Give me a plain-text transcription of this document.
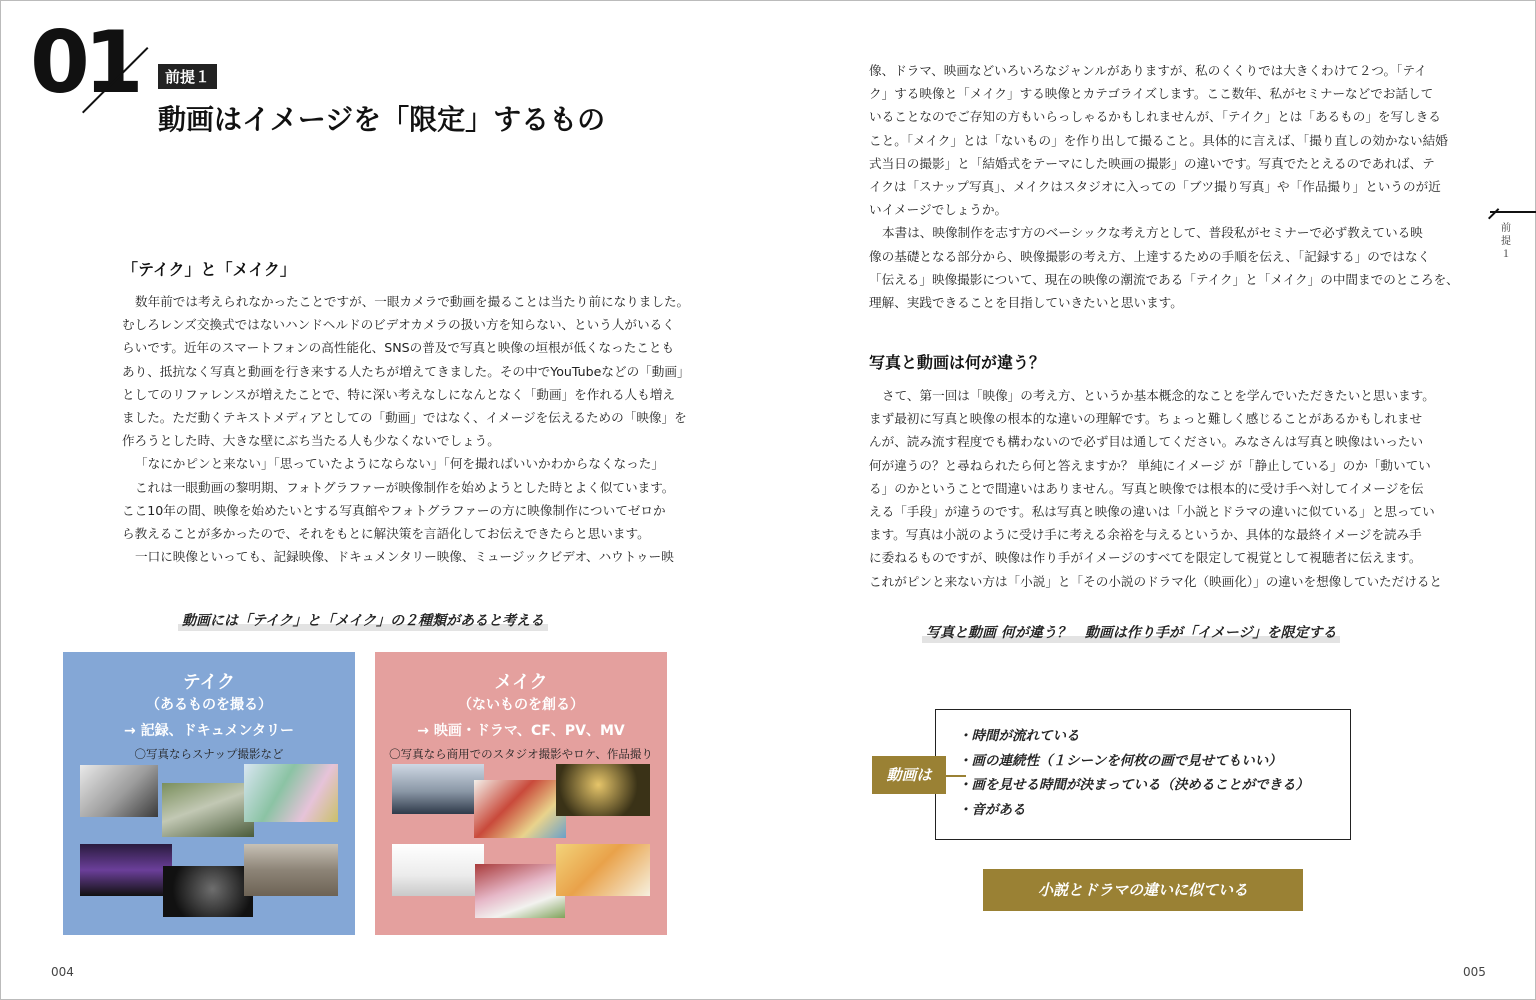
01	前提１
動画はイメージを「限定」するもの
「テイク」と「メイク」

数年前では考えられなかったことですが、一眼カメラで動画を撮ることは当たり前になりました。

むしろレンズ交換式ではないハンドヘルドのビデオカメラの扱い方を知らない、という人がいるく

らいです。近年のスマートフォンの高性能化、SNSの普及で写真と映像の垣根が低くなったことも

あり、抵抗なく写真と動画を行き来する人たちが増えてきました。その中でYouTubeなどの「動画」

としてのリファレンスが増えたことで、特に深い考えなしになんとなく「動画」を作れる人も増え

ました。ただ動くテキストメディアとしての「動画」ではなく、イメージを伝えるための「映像」を

作ろうとした時、大きな壁にぶち当たる人も少なくないでしょう。

「なにかピンと来ない」「思っていたようにならない」「何を撮ればいいかわからなくなった」

これは一眼動画の黎明期、フォトグラファーが映像制作を始めようとした時とよく似ています。

ここ10年の間、映像を始めたいとする写真館やフォトグラファーの方に映像制作についてゼロか

ら教えることが多かったので、それをもとに解決策を言語化してお伝えできたらと思います。

一口に映像といっても、記録映像、ドキュメンタリー映像、ミュージックビデオ、ハウトゥー映

動画には「テイク」と「メイク」の２種類があると考える
テイク
（あるものを撮る）
→ 記録、ドキュメンタリー
〇写真ならスナップ撮影など
メイク
（ないものを創る）
→ 映画・ドラマ、CF、PV、MV
〇写真なら商用でのスタジオ撮影やロケ、作品撮り
004

像、ドラマ、映画などいろいろなジャンルがありますが、私のくくりでは大きくわけて２つ。「テイ

ク」する映像と「メイク」する映像とカテゴライズします。ここ数年、私がセミナーなどでお話して

いることなのでご存知の方もいらっしゃるかもしれませんが、「テイク」とは「あるもの」を写しきる

こと。「メイク」とは「ないもの」を作り出して撮ること。具体的に言えば、「撮り直しの効かない結婚

式当日の撮影」と「結婚式をテーマにした映画の撮影」の違いです。写真でたとえるのであれば、テ

イクは「スナップ写真」、メイクはスタジオに入っての「ブツ撮り写真」や「作品撮り」というのが近

いイメージでしょうか。

本書は、映像制作を志す方のベーシックな考え方として、普段私がセミナーで必ず教えている映

像の基礎となる部分から、映像撮影の考え方、上達するための手順を伝え、「記録する」のではなく

「伝える」映像撮影について、現在の映像の潮流である「テイク」と「メイク」の中間までのところを、

理解、実践できることを目指していきたいと思います。

写真と動画は何が違う？

さて、第一回は「映像」の考え方、というか基本概念的なことを学んでいただきたいと思います。

まず最初に写真と映像の根本的な違いの理解です。ちょっと難しく感じることがあるかもしれませ

んが、読み流す程度でも構わないので必ず目は通してください。みなさんは写真と映像はいったい

何が違うの？と尋ねられたら何と答えますか？ 単純にイメージ が「静止している」のか「動いてい

る」のかということで間違いはありません。写真と映像では根本的に受け手へ対してイメージを伝

える「手段」が違うのです。私は写真と映像の違いは「小説とドラマの違いに似ている」と思ってい

ます。写真は小説のように受け手に考える余裕を与えるというか、具体的な最終イメージを読み手

に委ねるものですが、映像は作り手がイメージのすべてを限定して視覚として視聴者に伝えます。

これがピンと来ない方は「小説」と「その小説のドラマ化（映画化）」の違いを想像していただけると

写真と動画 何が違う？　動画は作り手が「イメージ」を限定する
・時間が流れている
・画の連続性（１シーンを何枚の画で見せてもいい）
・画を見せる時間が決まっている（決めることができる）
・音がある
動画は
小説とドラマの違いに似ている
前提１
005
